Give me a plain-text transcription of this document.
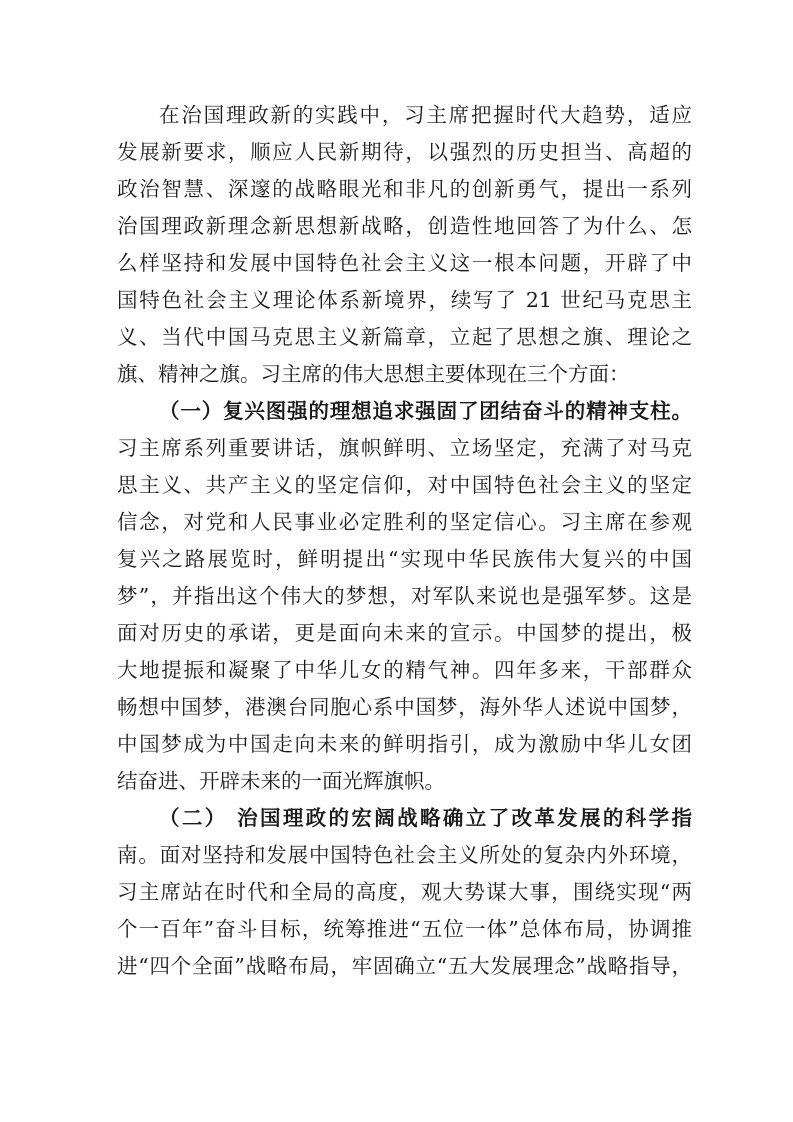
在治国理政新的实践中，习主席把握时代大趋势，适应
发展新要求，顺应人民新期待，以强烈的历史担当、高超的
政治智慧、深邃的战略眼光和非凡的创新勇气，提出一系列
治国理政新理念新思想新战略，创造性地回答了为什么、怎
么样坚持和发展中国特色社会主义这一根本问题，开辟了中
国特色社会主义理论体系新境界，续写了 21 世纪马克思主
义、当代中国马克思主义新篇章，立起了思想之旗、理论之
旗、精神之旗。习主席的伟大思想主要体现在三个方面：
（一）复兴图强的理想追求强固了团结奋斗的精神支柱。
习主席系列重要讲话，旗帜鲜明、立场坚定，充满了对马克
思主义、共产主义的坚定信仰，对中国特色社会主义的坚定
信念，对党和人民事业必定胜利的坚定信心。习主席在参观
复兴之路展览时，鲜明提出“实现中华民族伟大复兴的中国
梦”，并指出这个伟大的梦想，对军队来说也是强军梦。这是
面对历史的承诺，更是面向未来的宣示。中国梦的提出，极
大地提振和凝聚了中华儿女的精气神。四年多来，干部群众
畅想中国梦，港澳台同胞心系中国梦，海外华人述说中国梦，
中国梦成为中国走向未来的鲜明指引，成为激励中华儿女团
结奋进、开辟未来的一面光辉旗帜。
（二） 治国理政的宏阔战略确立了改革发展的科学指
南。面对坚持和发展中国特色社会主义所处的复杂内外环境，
习主席站在时代和全局的高度，观大势谋大事，围绕实现“两
个一百年”奋斗目标，统筹推进“五位一体”总体布局，协调推
进“四个全面”战略布局，牢固确立“五大发展理念”战略指导，
